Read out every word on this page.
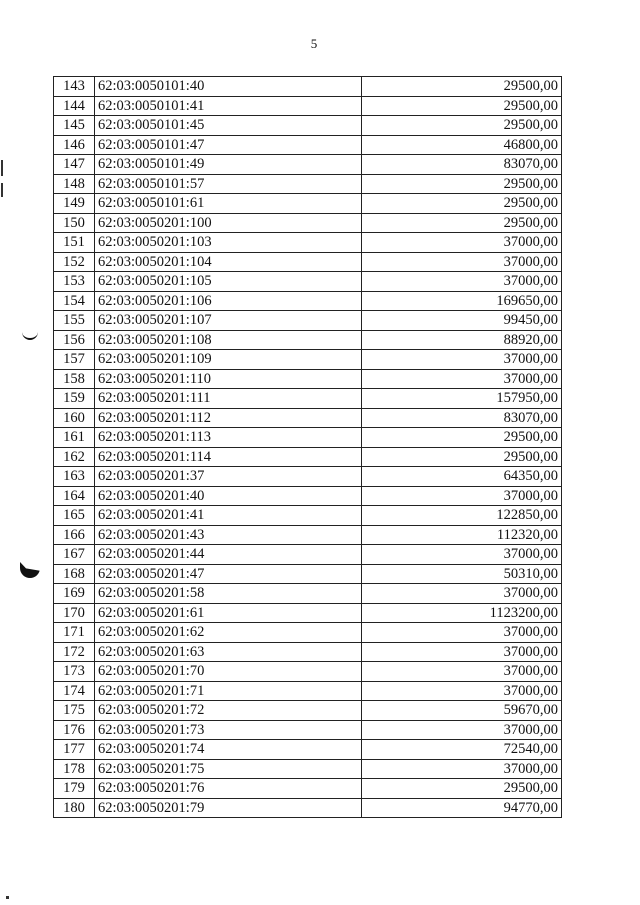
5
143	62:03:0050101:40	29500,00
144	62:03:0050101:41	29500,00
145	62:03:0050101:45	29500,00
146	62:03:0050101:47	46800,00
147	62:03:0050101:49	83070,00
148	62:03:0050101:57	29500,00
149	62:03:0050101:61	29500,00
150	62:03:0050201:100	29500,00
151	62:03:0050201:103	37000,00
152	62:03:0050201:104	37000,00
153	62:03:0050201:105	37000,00
154	62:03:0050201:106	169650,00
155	62:03:0050201:107	99450,00
156	62:03:0050201:108	88920,00
157	62:03:0050201:109	37000,00
158	62:03:0050201:110	37000,00
159	62:03:0050201:111	157950,00
160	62:03:0050201:112	83070,00
161	62:03:0050201:113	29500,00
162	62:03:0050201:114	29500,00
163	62:03:0050201:37	64350,00
164	62:03:0050201:40	37000,00
165	62:03:0050201:41	122850,00
166	62:03:0050201:43	112320,00
167	62:03:0050201:44	37000,00
168	62:03:0050201:47	50310,00
169	62:03:0050201:58	37000,00
170	62:03:0050201:61	1123200,00
171	62:03:0050201:62	37000,00
172	62:03:0050201:63	37000,00
173	62:03:0050201:70	37000,00
174	62:03:0050201:71	37000,00
175	62:03:0050201:72	59670,00
176	62:03:0050201:73	37000,00
177	62:03:0050201:74	72540,00
178	62:03:0050201:75	37000,00
179	62:03:0050201:76	29500,00
180	62:03:0050201:79	94770,00
